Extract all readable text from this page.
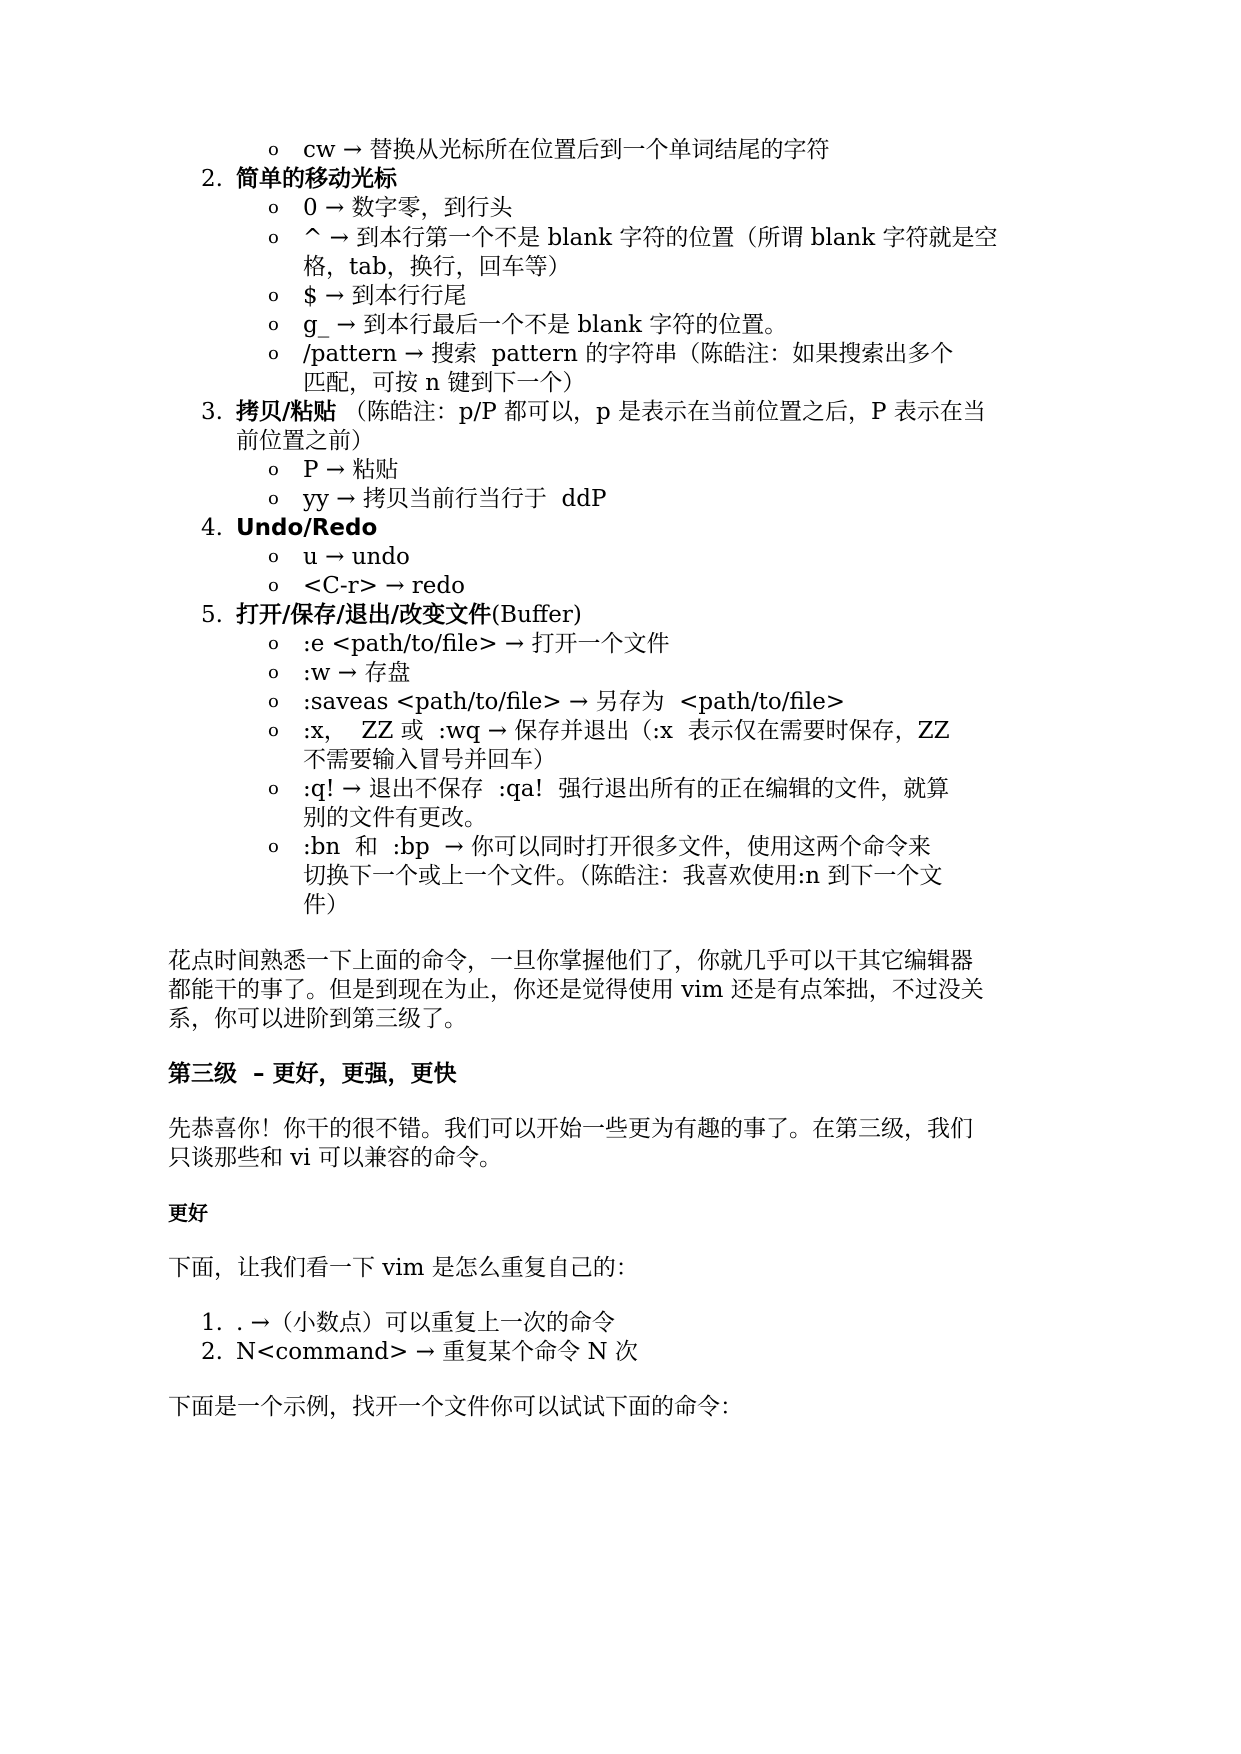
o cw → 替换从光标所在位置后到一个单词结尾的字符
2. 简单的移动光标
o 0 → 数字零，到行头
o ^ → 到本行第一个不是 blank 字符的位置（所谓 blank 字符就是空
格，tab，换行，回车等）
o $ → 到本行行尾
o g_ → 到本行最后一个不是 blank 字符的位置。
o /pattern → 搜索  pattern 的字符串（陈皓注：如果搜索出多个
匹配，可按 n 键到下一个）
3. 拷贝/粘贴 （陈皓注：p/P 都可以，p 是表示在当前位置之后，P 表示在当
前位置之前）
o P → 粘贴
o yy → 拷贝当前行当行于  ddP
4. Undo/Redo
o u → undo
o <C-r> → redo
5. 打开/保存/退出/改变文件(Buffer)
o :e <path/to/file> → 打开一个文件
o :w → 存盘
o :saveas <path/to/file> → 另存为  <path/to/file>
o :x，  ZZ 或  :wq → 保存并退出（:x  表示仅在需要时保存，ZZ
不需要输入冒号并回车）
o :q! → 退出不保存  :qa!  强行退出所有的正在编辑的文件，就算
别的文件有更改。
o :bn  和  :bp  → 你可以同时打开很多文件，使用这两个命令来
切换下一个或上一个文件。（陈皓注：我喜欢使用:n 到下一个文
件）
花点时间熟悉一下上面的命令，一旦你掌握他们了，你就几乎可以干其它编辑器
都能干的事了。但是到现在为止，你还是觉得使用 vim 还是有点笨拙，不过没关
系，你可以进阶到第三级了。
第三级  – 更好，更强，更快
先恭喜你！你干的很不错。我们可以开始一些更为有趣的事了。在第三级，我们
只谈那些和 vi 可以兼容的命令。
更好
下面，让我们看一下 vim 是怎么重复自己的：
1. . →（小数点）可以重复上一次的命令
2. N<command> → 重复某个命令 N 次
下面是一个示例，找开一个文件你可以试试下面的命令：
